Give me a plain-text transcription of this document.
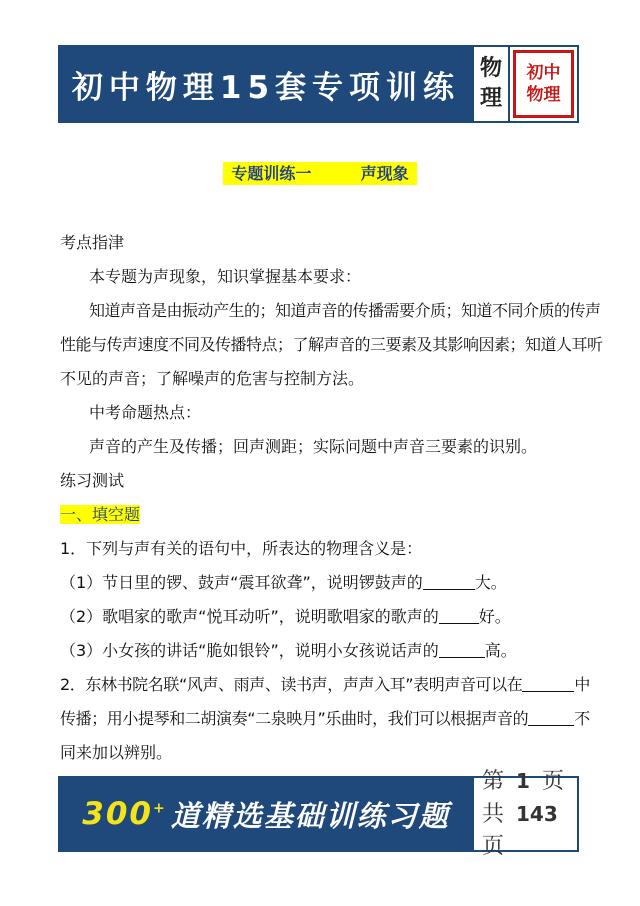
初中物理15套专项训练
物
理
初中
物理
专题训练一	声现象
考点指津
本专题为声现象，知识掌握基本要求：
知道声音是由振动产生的；知道声音的传播需要介质；知道不同介质的传声
性能与传声速度不同及传播特点；了解声音的三要素及其影响因素；知道人耳听
不见的声音；了解噪声的危害与控制方法。
中考命题热点：
声音的产生及传播；回声测距；实际问题中声音三要素的识别。
练习测试
一、填空题
1．下列与声有关的语句中，所表达的物理含义是：
（1）节日里的锣、鼓声“震耳欲聋”，说明锣鼓声的	大。
（2）歌唱家的歌声“悦耳动听”，说明歌唱家的歌声的	好。
（3）小女孩的讲话“脆如银铃”，说明小女孩说话声的	高。
2．东林书院名联“风声、雨声、读书声，声声入耳”表明声音可以在	中
传播；用小提琴和二胡演奏“二泉映月”乐曲时，我们可以根据声音的	不
同来加以辨别。
300+ 道精选基础训练习题
第 1 页
共 143页
